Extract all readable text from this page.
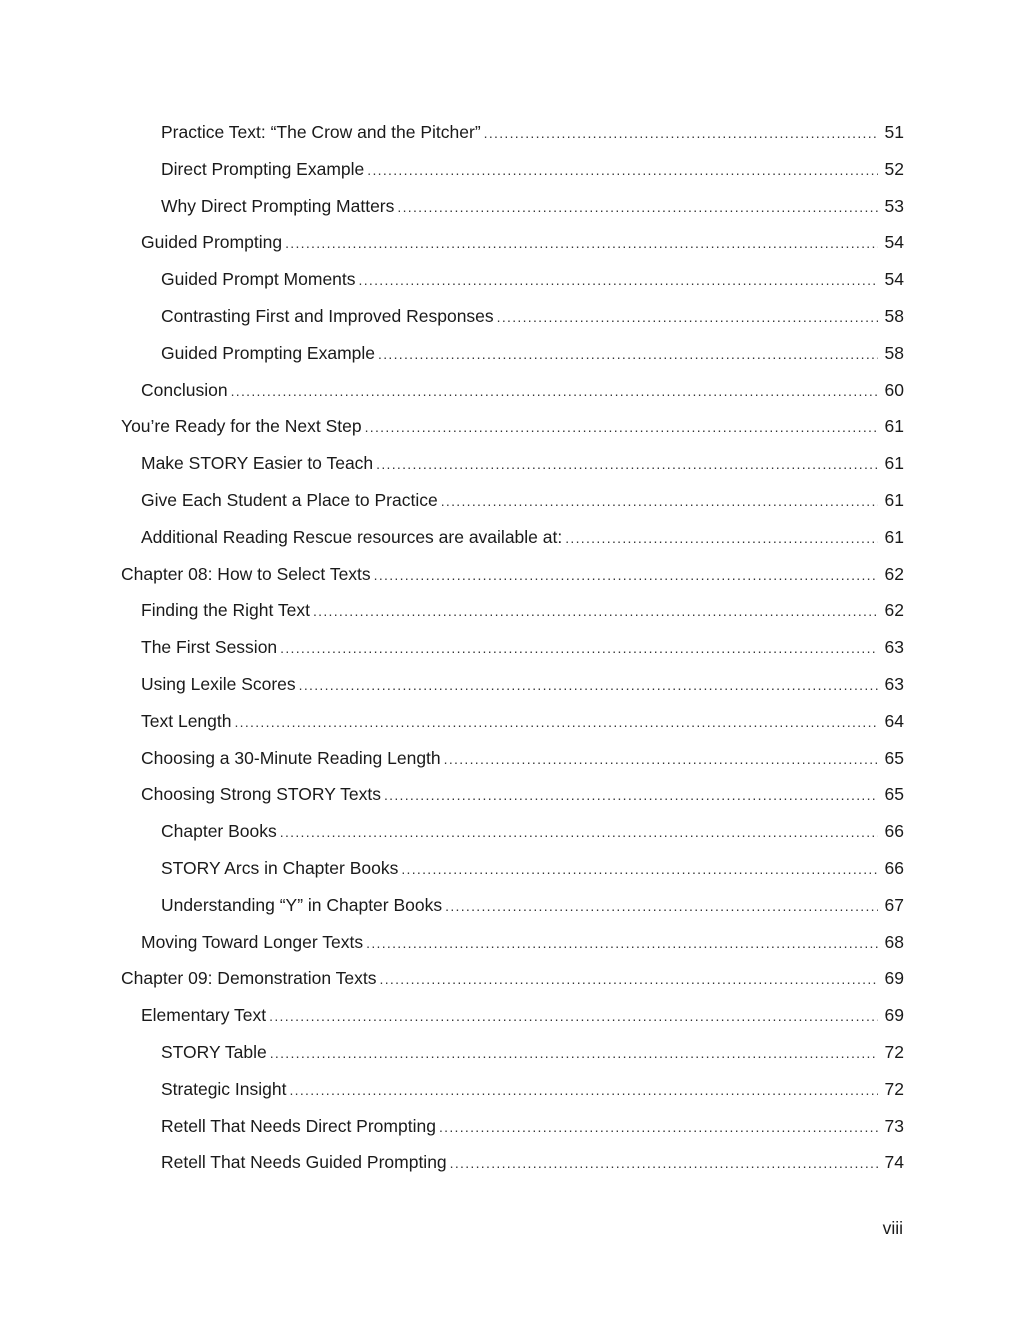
Practice Text: “The Crow and the Pitcher” .....	51
Direct Prompting Example .....	52
Why Direct Prompting Matters .....	53
Guided Prompting .....	54
Guided Prompt Moments .....	54
Contrasting First and Improved Responses .....	58
Guided Prompting Example .....	58
Conclusion .....	60
You’re Ready for the Next Step .....	61
Make STORY Easier to Teach .....	61
Give Each Student a Place to Practice .....	61
Additional Reading Rescue resources are available at: .....	61
Chapter 08: How to Select Texts .....	62
Finding the Right Text .....	62
The First Session .....	63
Using Lexile Scores .....	63
Text Length .....	64
Choosing a 30-Minute Reading Length .....	65
Choosing Strong STORY Texts .....	65
Chapter Books .....	66
STORY Arcs in Chapter Books .....	66
Understanding “Y” in Chapter Books .....	67
Moving Toward Longer Texts .....	68
Chapter 09: Demonstration Texts .....	69
Elementary Text .....	69
STORY Table .....	72
Strategic Insight .....	72
Retell That Needs Direct Prompting .....	73
Retell That Needs Guided Prompting .....	74
viii
